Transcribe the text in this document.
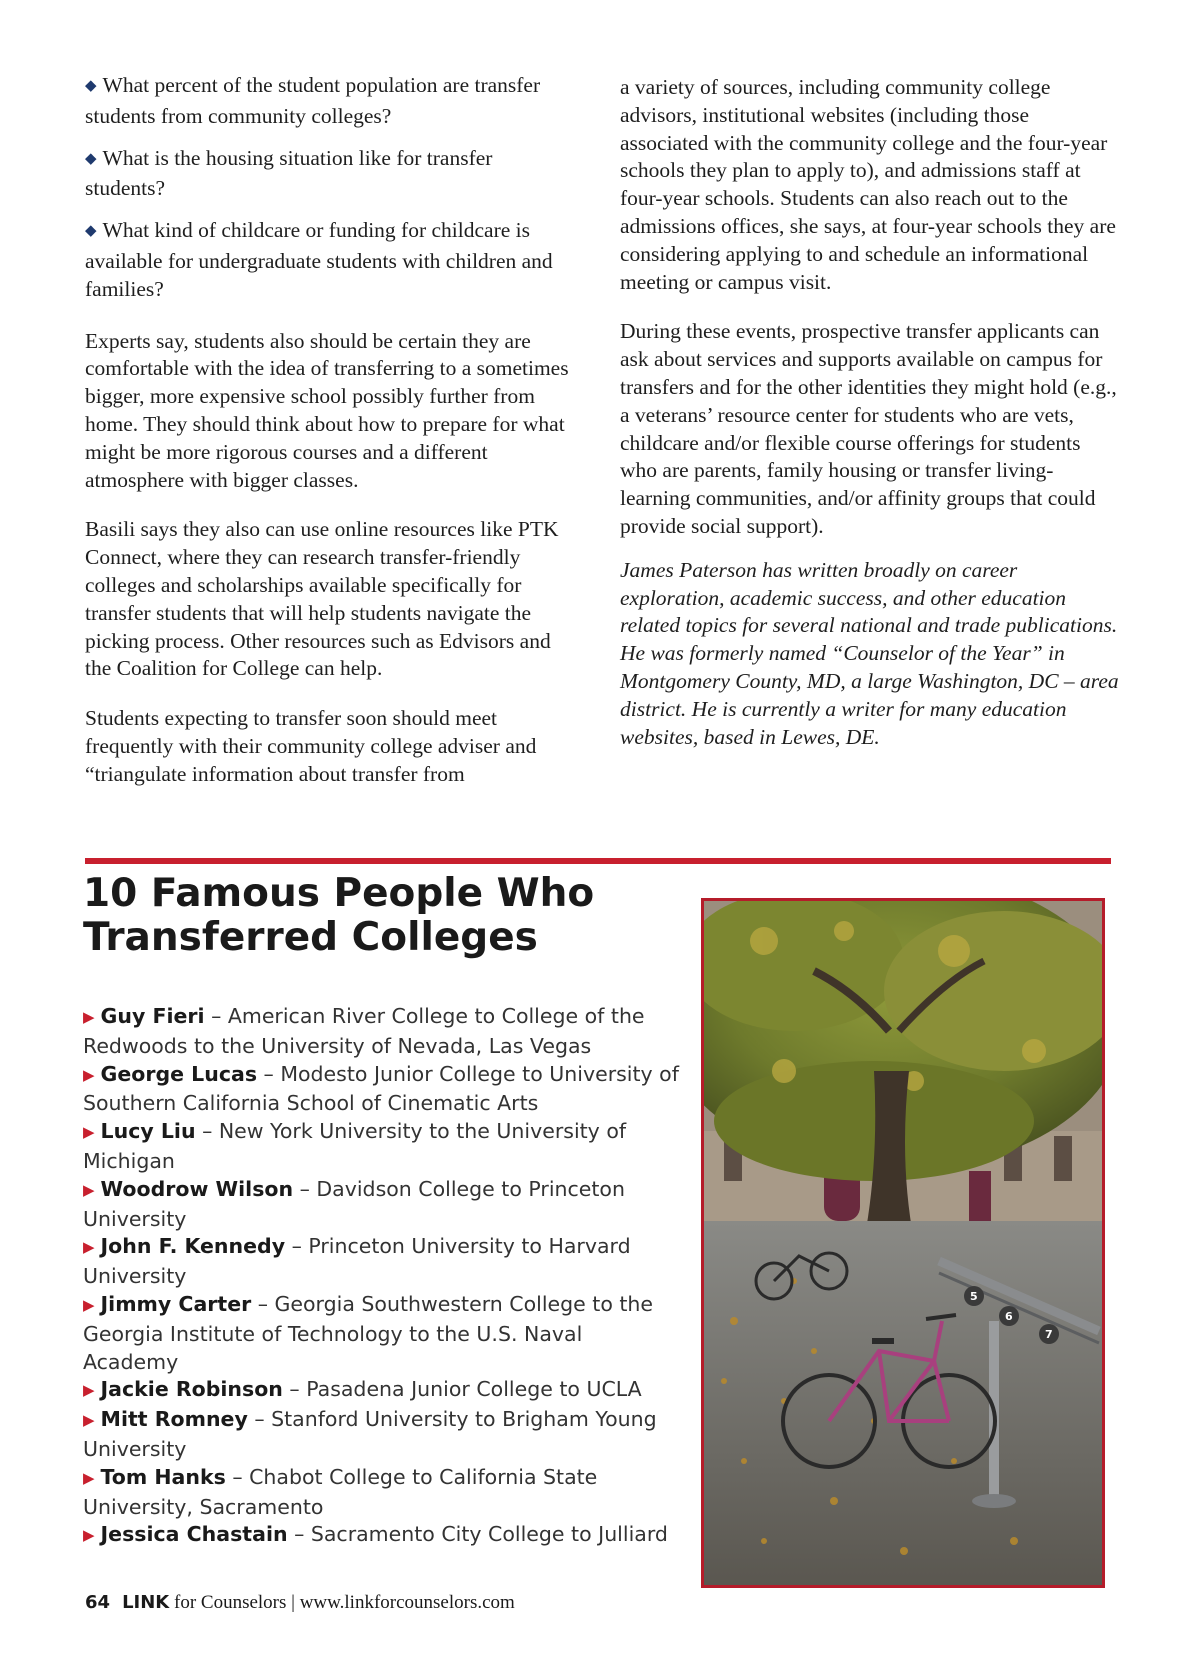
◆ What percent of the student population are transfer students from community colleges?

◆ What is the housing situation like for transfer students?

◆ What kind of childcare or funding for childcare is available for undergraduate students with children and families?

Experts say, students also should be certain they are comfortable with the idea of transferring to a sometimes bigger, more expensive school possibly further from home. They should think about how to prepare for what might be more rigorous courses and a different atmosphere with bigger classes.

Basili says they also can use online resources like PTK Connect, where they can research transfer-friendly colleges and scholarships available specifically for transfer students that will help students navigate the picking process. Other resources such as Edvisors and the Coalition for College can help.

Students expecting to transfer soon should meet frequently with their community college adviser and “triangulate information about transfer from

a variety of sources, including community college advisors, institutional websites (including those associated with the community college and the four-year schools they plan to apply to), and admissions staff at four-year schools. Students can also reach out to the admissions offices, she says, at four-year schools they are considering applying to and schedule an informational meeting or campus visit.

During these events, prospective transfer applicants can ask about services and supports available on campus for transfers and for the other identities they might hold (e.g., a veterans’ resource center for students who are vets, childcare and/or flexible course offerings for students who are parents, family housing or transfer living-learning communities, and/or affinity groups that could provide social support).

James Paterson has written broadly on career exploration, academic success, and other education related topics for several national and trade publications. He was formerly named “Counselor of the Year” in Montgomery County, MD, a large Washington, DC – area district. He is currently a writer for many education websites, based in Lewes, DE.

10 Famous People Who
Transferred Colleges
▶ Guy Fieri – American River College to College of the Redwoods to the University of Nevada, Las Vegas
▶ George Lucas – Modesto Junior College to University of Southern California School of Cinematic Arts
▶ Lucy Liu – New York University to the University of Michigan
▶ Woodrow Wilson – Davidson College to Princeton University
▶ John F. Kennedy – Princeton University to Harvard University
▶ Jimmy Carter – Georgia Southwestern College to the Georgia Institute of Technology to the U.S. Naval Academy
▶ Jackie Robinson – Pasadena Junior College to UCLA
▶ Mitt Romney – Stanford University to Brigham Young University
▶ Tom Hanks – Chabot College to California State University, Sacramento
▶ Jessica Chastain – Sacramento City College to Julliard
5
6
7
64 LINK for Counselors | www.linkforcounselors.com
